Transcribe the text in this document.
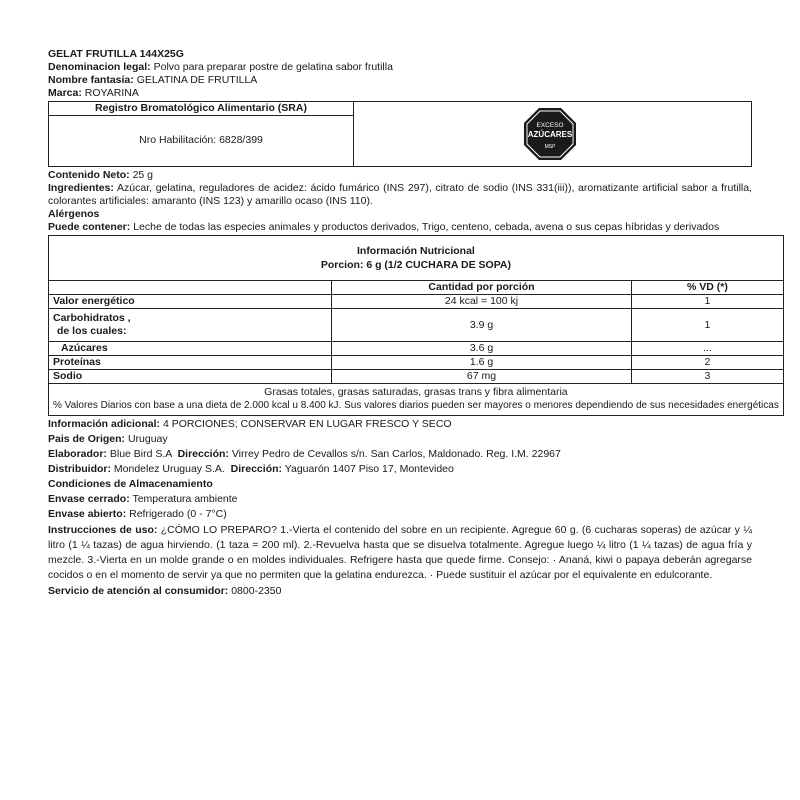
GELAT FRUTILLA 144X25G
Denominacion legal: Polvo para preparar postre de gelatina sabor frutilla
Nombre fantasía: GELATINA DE FRUTILLA
Marca: ROYARINA
Registro Bromatológico Alimentario (SRA)
Nro Habilitación: 6828/399
EXCESO
AZÚCARES
MSP
Contenido Neto: 25 g
Ingredientes: Azúcar, gelatina, reguladores de acidez: ácido fumárico (INS 297), citrato de sodio (INS 331(iii)), aromatizante artificial sabor a frutilla, colorantes artificiales: amaranto (INS 123) y amarillo ocaso (INS 110).
Alérgenos
Puede contener: Leche de todas las especies animales y productos derivados, Trigo, centeno, cebada, avena o sus cepas híbridas y derivados
Información Nutricional
Porcion: 6 g (1/2 CUCHARA DE SOPA)		

	Cantidad por porción	% VD (*)
Valor energético	24 kcal = 100 kj	1
Carbohidratos ,
de los cuales:	3.9 g	1
Azúcares	3.6 g	...
Proteínas	1.6 g	2
Sodio	67 mg	3

Grasas totales, grasas saturadas, grasas trans y fibra alimentaria
% Valores Diarios con base a una dieta de 2.000 kcal u 8.400 kJ. Sus valores diarios pueden ser mayores o menores dependiendo de sus necesidades energéticas		
Información adicional: 4 PORCIONES; CONSERVAR EN LUGAR FRESCO Y SECO
Pais de Origen: Uruguay
Elaborador: Blue Bird S.A Dirección: Virrey Pedro de Cevallos s/n. San Carlos, Maldonado. Reg. I.M. 22967
Distribuidor: Mondelez Uruguay S.A. Dirección: Yaguarón 1407 Piso 17, Montevideo
Condiciones de Almacenamiento
Envase cerrado: Temperatura ambiente
Envase abierto: Refrigerado (0 - 7°C)
Instrucciones de uso: ¿CÓMO LO PREPARO? 1.-Vierta el contenido del sobre en un recipiente. Agregue 60 g. (6 cucharas soperas) de azúcar y ¼ litro (1 ¼ tazas) de agua hirviendo. (1 taza = 200 ml). 2.-Revuelva hasta que se disuelva totalmente. Agregue luego ¼ litro (1 ¼ tazas) de agua fría y mezcle. 3.-Vierta en un molde grande o en moldes individuales. Refrigere hasta que quede firme. Consejo: · Ananá, kiwi o papaya deberán agregarse cocidos o en el momento de servir ya que no permiten que la gelatina endurezca. · Puede sustituir el azúcar por el equivalente en edulcorante.
Servicio de atención al consumidor: 0800-2350
